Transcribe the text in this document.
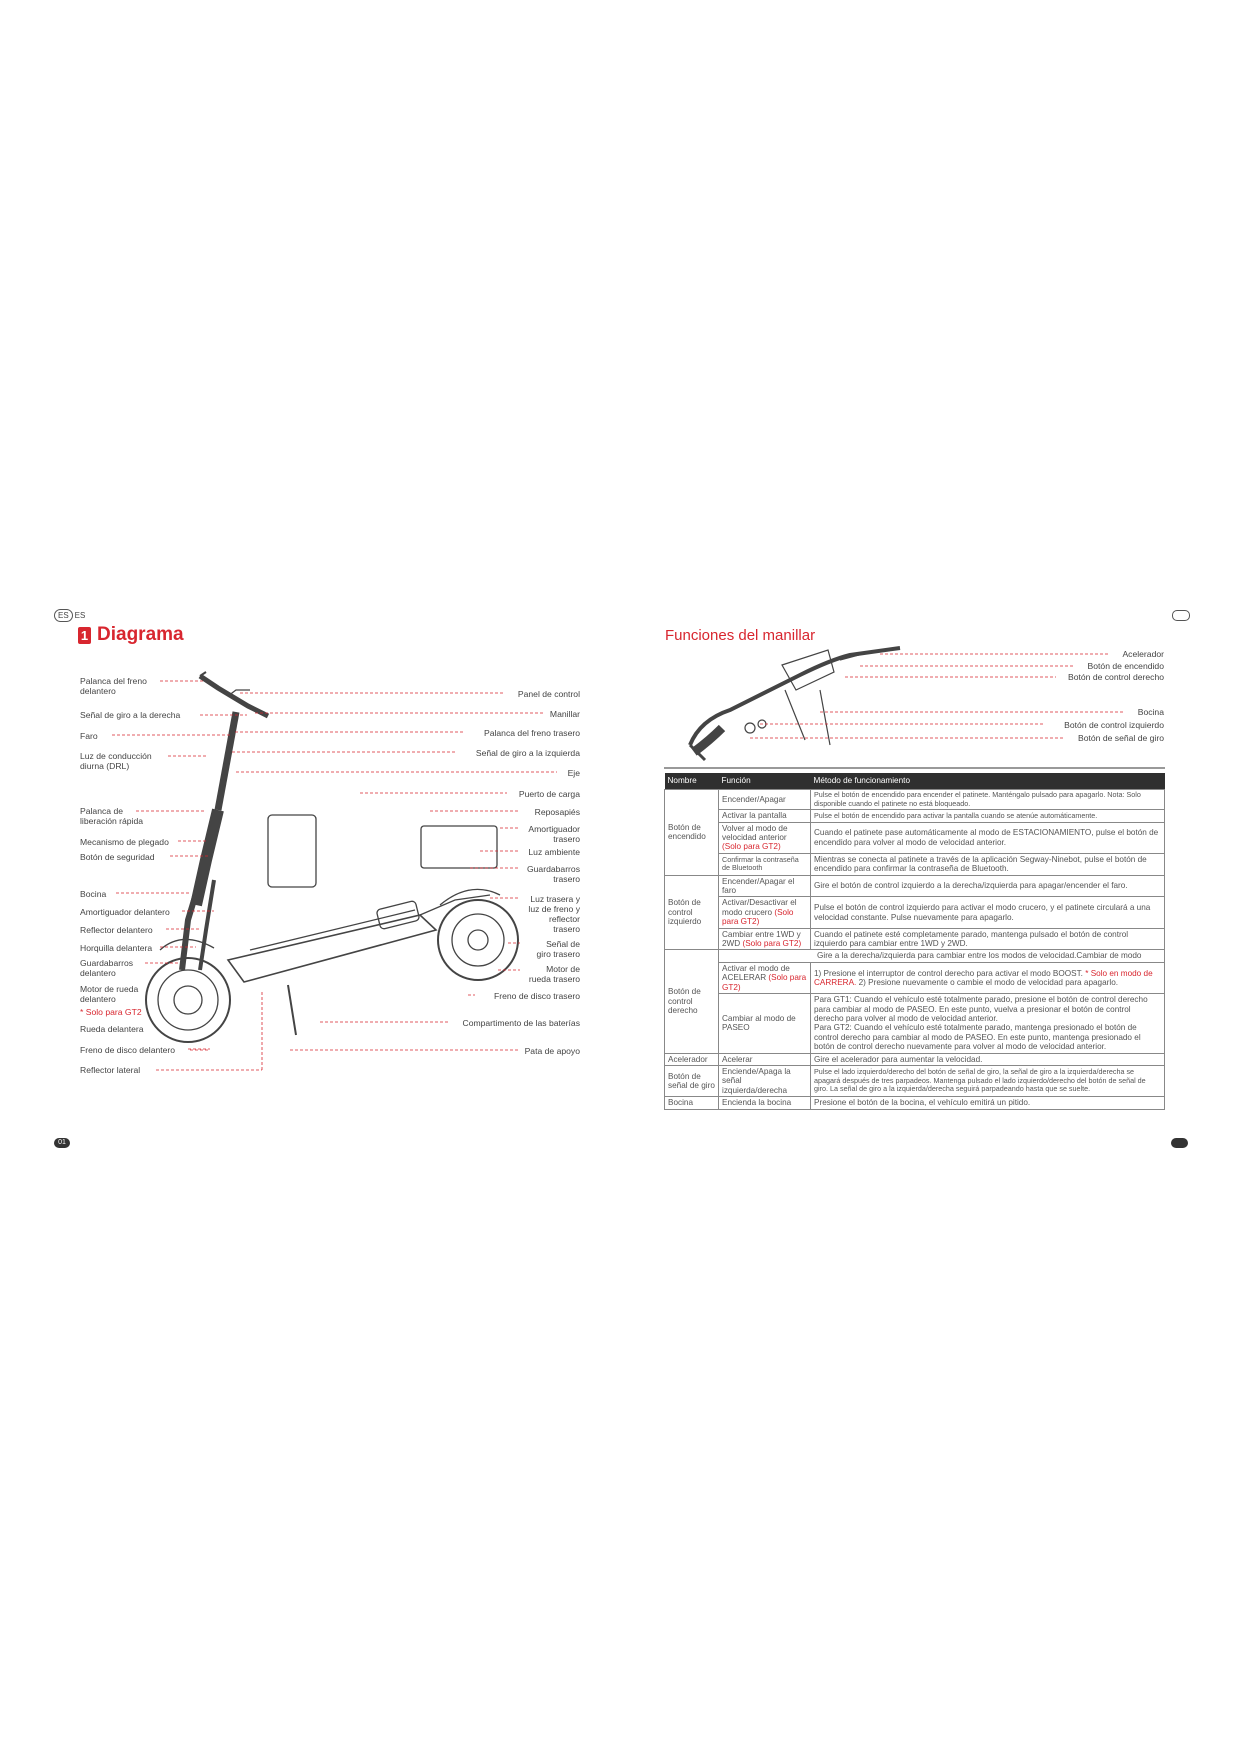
ES ES
1 Diagrama	Funciones del manillar
Palanca del freno
delantero
Señal de giro a la derecha
Faro
Luz de conducción
diurna (DRL)
Palanca de
liberación rápida
Mecanismo de plegado
Botón de seguridad
Bocina
Amortiguador delantero
Reflector delantero
Horquilla delantera
Guardabarros
delantero
Motor de rueda
delantero
* Solo para GT2
Rueda delantera
Freno de disco delantero
Reflector lateral
Panel de control
Manillar
Palanca del freno trasero
Señal de giro a la izquierda
Eje
Puerto de carga
Reposapiés
Amortiguador
trasero
Luz ambiente
Guardabarros
trasero
Luz trasera y
luz de freno y
reflector
trasero
Señal de
giro trasero
Motor de
rueda trasero
Freno de disco trasero
Compartimento de las baterías
Pata de apoyo
01
Acelerador
Botón de encendido
Botón de control derecho
Bocina
Botón de control izquierdo
Botón de señal de giro
Nombre	Función	Método de funcionamiento
Botón de
encendido	Encender/Apagar	Pulse el botón de encendido para encender el patinete. Manténgalo pulsado para apagarlo. Nota: Solo disponible cuando el patinete no está bloqueado.
	Activar la pantalla	Pulse el botón de encendido para activar la pantalla cuando se atenúe automáticamente.
	Volver al modo de velocidad anterior (Solo para GT2)	Cuando el patinete pase automáticamente al modo de ESTACIONAMIENTO, pulse el botón de encendido para volver al modo de velocidad anterior.
	Confirmar la contraseña de Bluetooth	Mientras se conecta al patinete a través de la aplicación Segway-Ninebot, pulse el botón de encendido para confirmar la contraseña de Bluetooth.
Botón de
control
izquierdo	Encender/Apagar el faro	Gire el botón de control izquierdo a la derecha/izquierda para apagar/encender el faro.
	Activar/Desactivar el modo crucero (Solo para GT2)	Pulse el botón de control izquierdo para activar el modo crucero, y el patinete circulará a una velocidad constante. Pulse nuevamente para apagarlo.
	Cambiar entre 1WD y 2WD (Solo para GT2)	Cuando el patinete esté completamente parado, mantenga pulsado el botón de control izquierdo para cambiar entre 1WD y 2WD.
Botón de
control
derecho	Gire a la derecha/izquierda para cambiar entre los modos de velocidad.Cambiar de modo	
	Activar el modo de ACELERAR (Solo para GT2)	1) Presione el interruptor de control derecho para activar el modo BOOST. * Solo en modo de CARRERA. 2) Presione nuevamente o cambie el modo de velocidad para apagarlo.
	Cambiar al modo de PASEO	Para GT1: Cuando el vehículo esté totalmente parado, presione el botón de control derecho para cambiar al modo de PASEO. En este punto, vuelva a presionar el botón de control derecho para volver al modo de velocidad anterior.
Para GT2: Cuando el vehículo esté totalmente parado, mantenga presionado el botón de control derecho para cambiar al modo de PASEO. En este punto, mantenga presionado el botón de control derecho nuevamente para volver al modo de velocidad anterior.

Acelerador	Acelerar	Gire el acelerador para aumentar la velocidad.
Botón de
señal de giro	Enciende/Apaga la señal izquierda/derecha	Pulse el lado izquierdo/derecho del botón de señal de giro, la señal de giro a la izquierda/derecha se apagará después de tres parpadeos. Mantenga pulsado el lado izquierdo/derecho del botón de señal de giro. La señal de giro a la izquierda/derecha seguirá parpadeando hasta que se suelte.
Bocina	Encienda la bocina	Presione el botón de la bocina, el vehículo emitirá un pitido.
